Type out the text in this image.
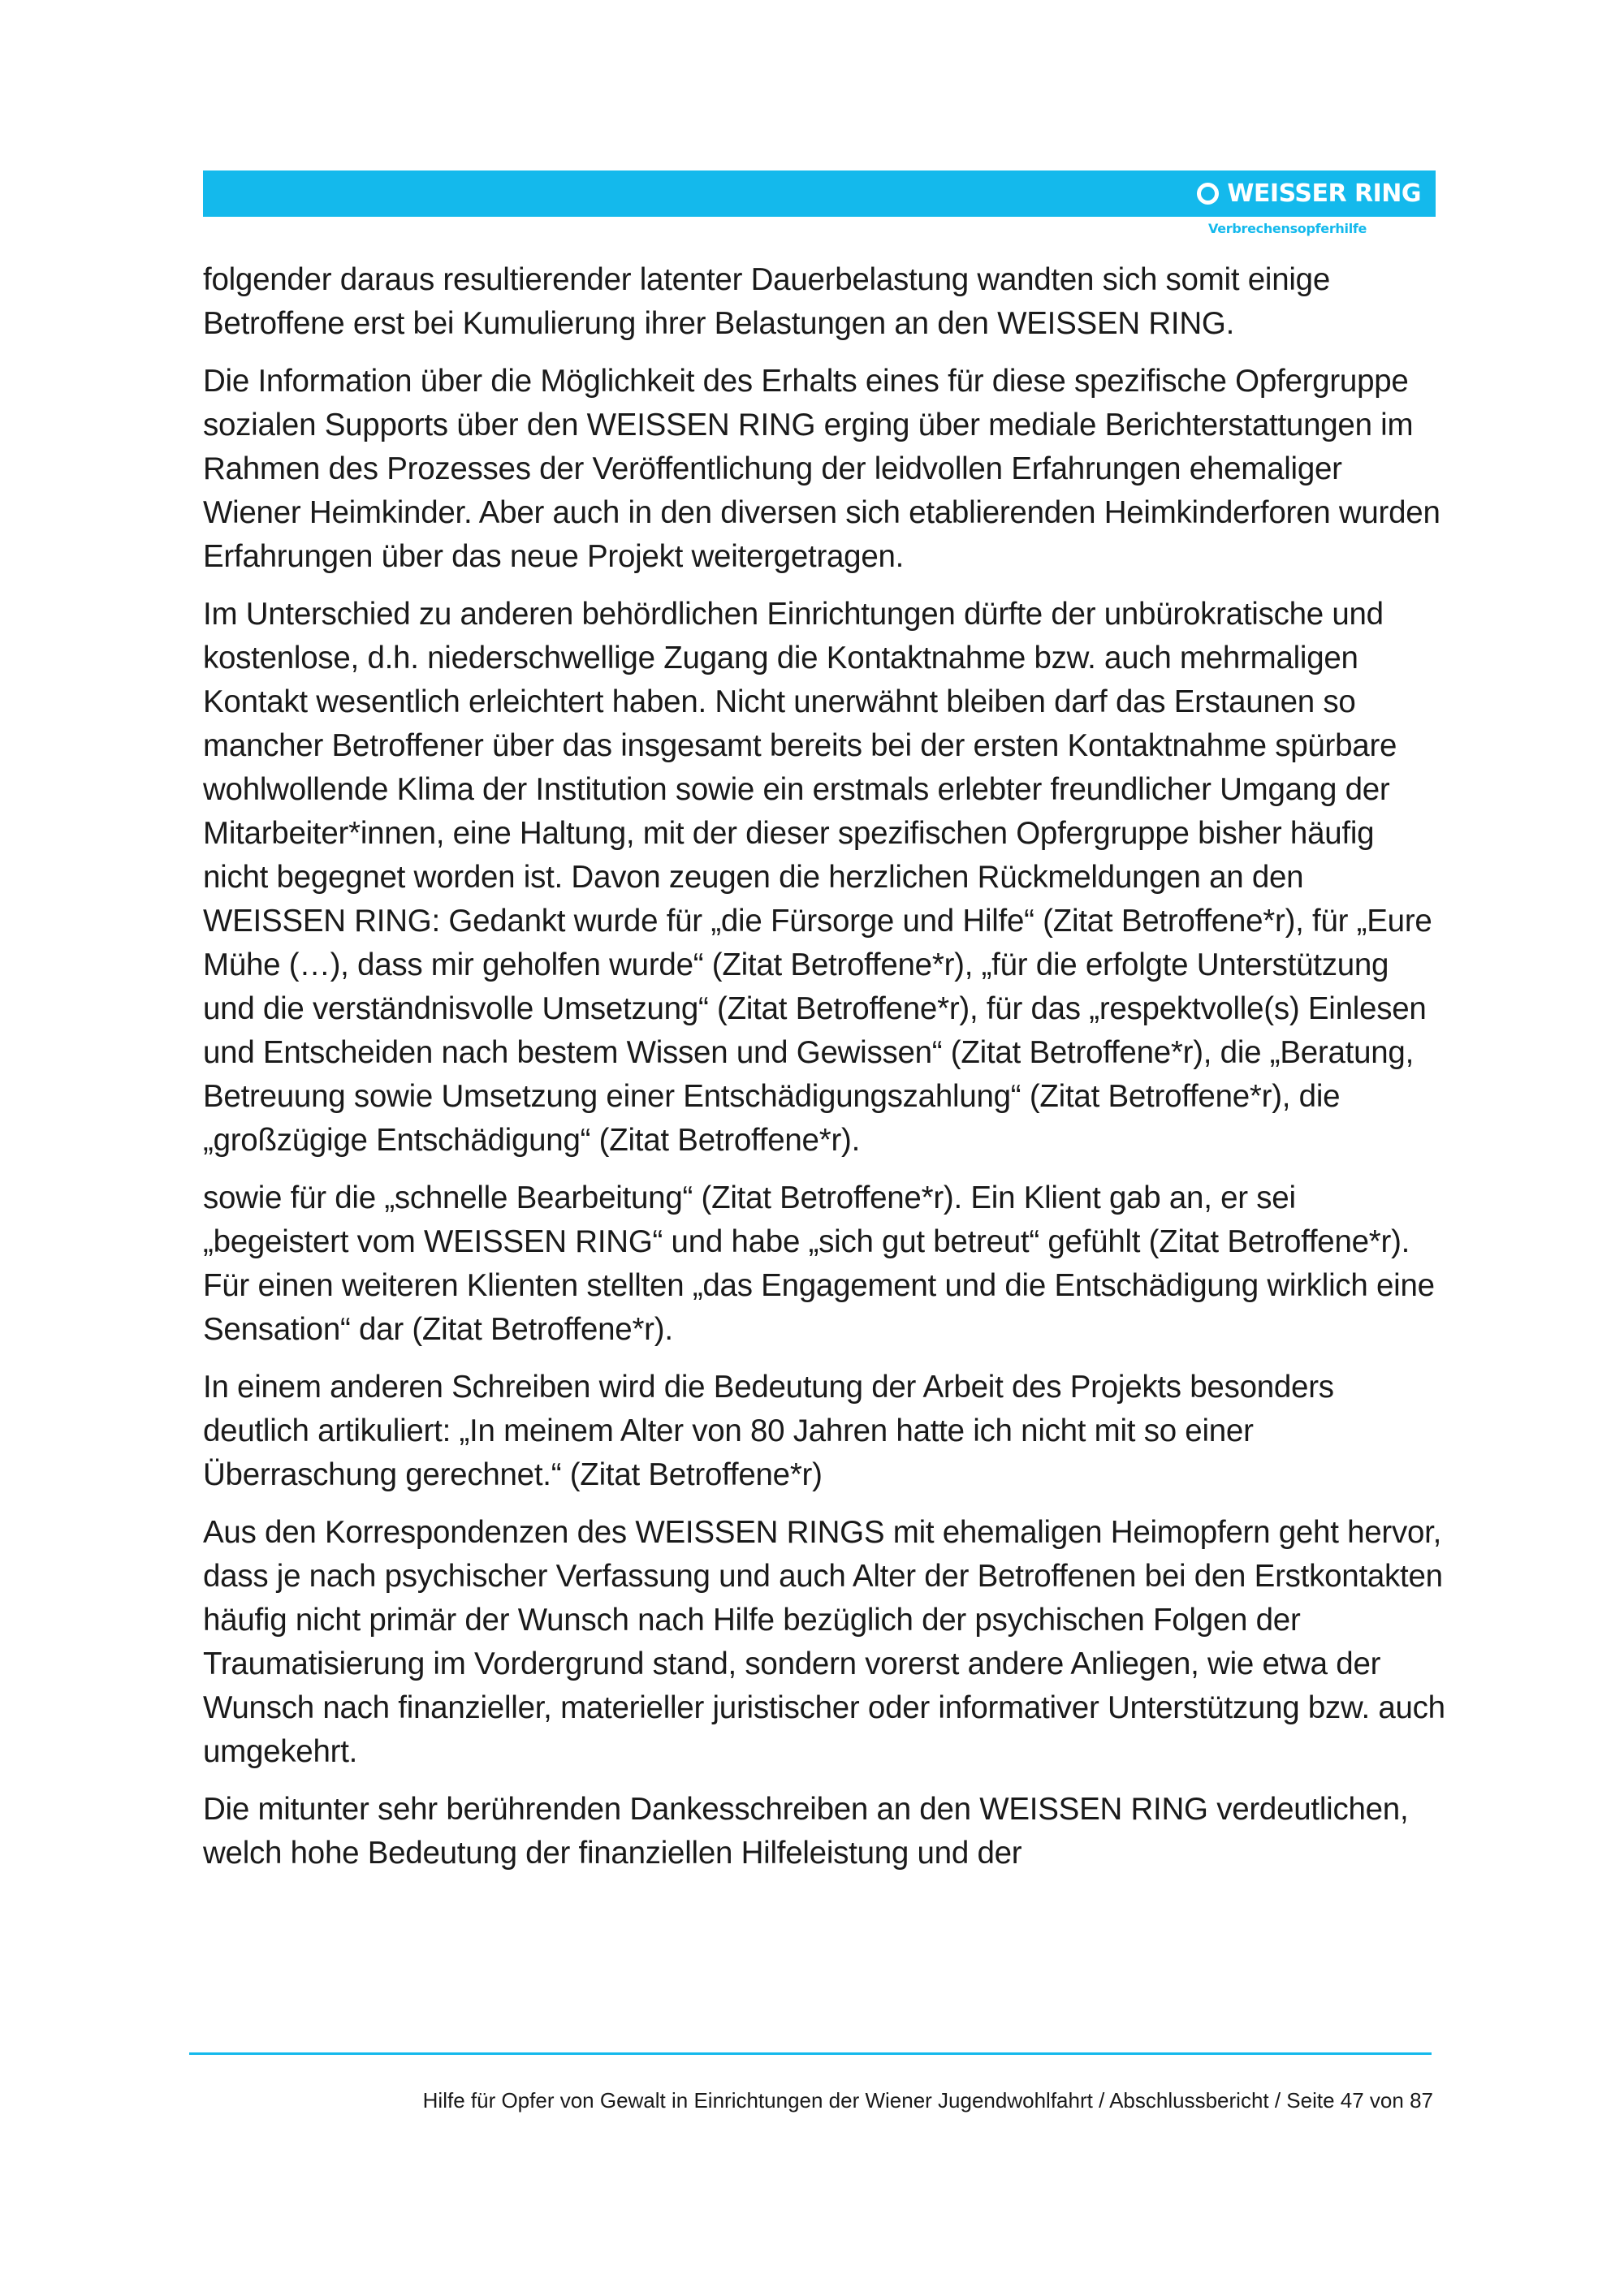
WEISSER RING
Verbrechensopferhilfe

folgender daraus resultierender latenter Dauerbelastung wandten sich somit einige Betroffene erst bei Kumulierung ihrer Belastungen an den WEISSEN RING.

Die Information über die Möglichkeit des Erhalts eines für diese spezifische Opfergruppe sozialen Supports über den WEISSEN RING erging über mediale Berichterstattungen im Rahmen des Prozesses der Veröffentlichung der leidvollen Erfahrungen ehemaliger Wiener Heimkinder. Aber auch in den diversen sich etablierenden Heimkinderforen wurden Erfahrungen über das neue Projekt weitergetragen.

Im Unterschied zu anderen behördlichen Einrichtungen dürfte der unbürokratische und kostenlose, d.h. niederschwellige Zugang die Kontaktnahme bzw. auch mehrmaligen Kontakt wesentlich erleichtert haben. Nicht unerwähnt bleiben darf das Erstaunen so mancher Betroffener über das insgesamt bereits bei der ersten Kontaktnahme spürbare wohlwollende Klima der Institution sowie ein erstmals erlebter freundlicher Umgang der Mitarbeiter*innen, eine Haltung, mit der dieser spezifischen Opfergruppe bisher häufig nicht begegnet worden ist. Davon zeugen die herzlichen Rückmeldungen an den WEISSEN RING: Gedankt wurde für „die Fürsorge und Hilfe“ (Zitat Betroffene*r), für „Eure Mühe (…), dass mir geholfen wurde“ (Zitat Betroffene*r), „für die erfolgte Unterstützung und die verständnisvolle Umsetzung“ (Zitat Betroffene*r), für das „respektvolle(s) Einlesen und Entscheiden nach bestem Wissen und Gewissen“ (Zitat Betroffene*r), die „Beratung, Betreuung sowie Umsetzung einer Entschädigungszahlung“ (Zitat Betroffene*r), die „großzügige Entschädigung“ (Zitat Betroffene*r).

sowie für die „schnelle Bearbeitung“ (Zitat Betroffene*r). Ein Klient gab an, er sei „begeistert vom WEISSEN RING“ und habe „sich gut betreut“ gefühlt (Zitat Betroffene*r). Für einen weiteren Klienten stellten „das Engagement und die Entschädigung wirklich eine Sensation“ dar (Zitat Betroffene*r).

In einem anderen Schreiben wird die Bedeutung der Arbeit des Projekts besonders deutlich artikuliert: „In meinem Alter von 80 Jahren hatte ich nicht mit so einer Überraschung gerechnet.“ (Zitat Betroffene*r)

Aus den Korrespondenzen des WEISSEN RINGS mit ehemaligen Heimopfern geht hervor, dass je nach psychischer Verfassung und auch Alter der Betroffenen bei den Erstkontakten häufig nicht primär der Wunsch nach Hilfe bezüglich der psychischen Folgen der Traumatisierung im Vordergrund stand, sondern vorerst andere Anliegen, wie etwa der Wunsch nach finanzieller, materieller juristischer oder informativer Unterstützung bzw. auch umgekehrt.

Die mitunter sehr berührenden Dankesschreiben an den WEISSEN RING verdeutlichen, welch hohe Bedeutung der finanziellen Hilfeleistung und der

Hilfe für Opfer von Gewalt in Einrichtungen der Wiener Jugendwohlfahrt / Abschlussbericht / Seite 47 von 87
